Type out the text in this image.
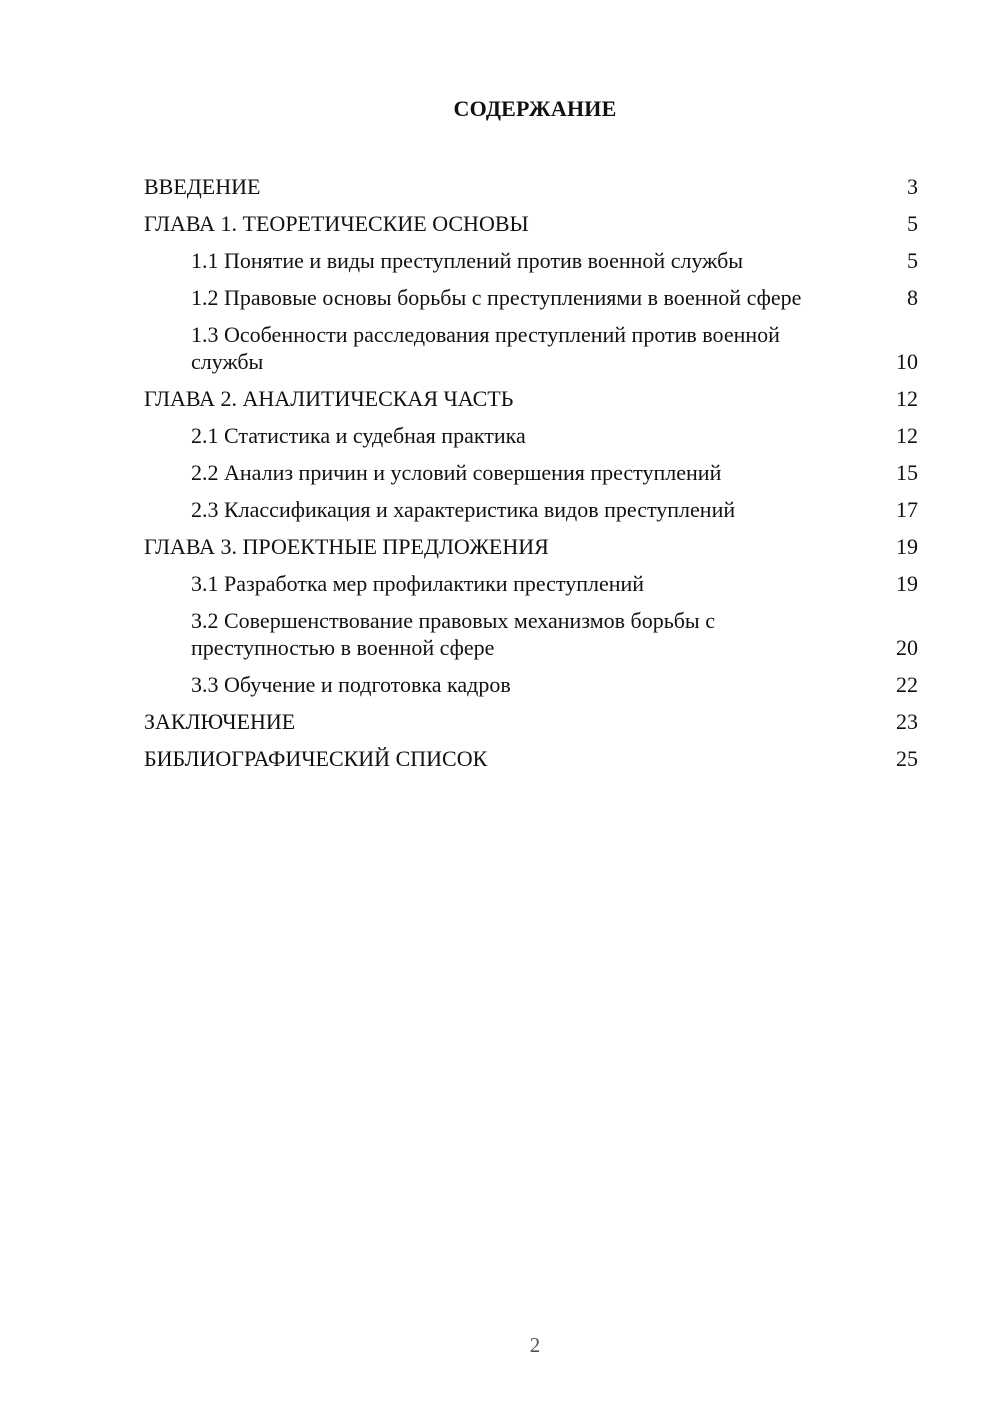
СОДЕРЖАНИЕ
ВВЕДЕНИЕ	3
ГЛАВА 1. ТЕОРЕТИЧЕСКИЕ ОСНОВЫ	5
1.1 Понятие и виды преступлений против военной службы	5
1.2 Правовые основы борьбы с преступлениями в военной сфере	8
1.3 Особенности расследования преступлений против военной службы	10
ГЛАВА 2. АНАЛИТИЧЕСКАЯ ЧАСТЬ	12
2.1 Статистика и судебная практика	12
2.2 Анализ причин и условий совершения преступлений	15
2.3 Классификация и характеристика видов преступлений	17
ГЛАВА 3. ПРОЕКТНЫЕ ПРЕДЛОЖЕНИЯ	19
3.1 Разработка мер профилактики преступлений	19
3.2 Совершенствование правовых механизмов борьбы с преступностью в военной сфере	20
3.3 Обучение и подготовка кадров	22
ЗАКЛЮЧЕНИЕ	23
БИБЛИОГРАФИЧЕСКИЙ СПИСОК	25
2
